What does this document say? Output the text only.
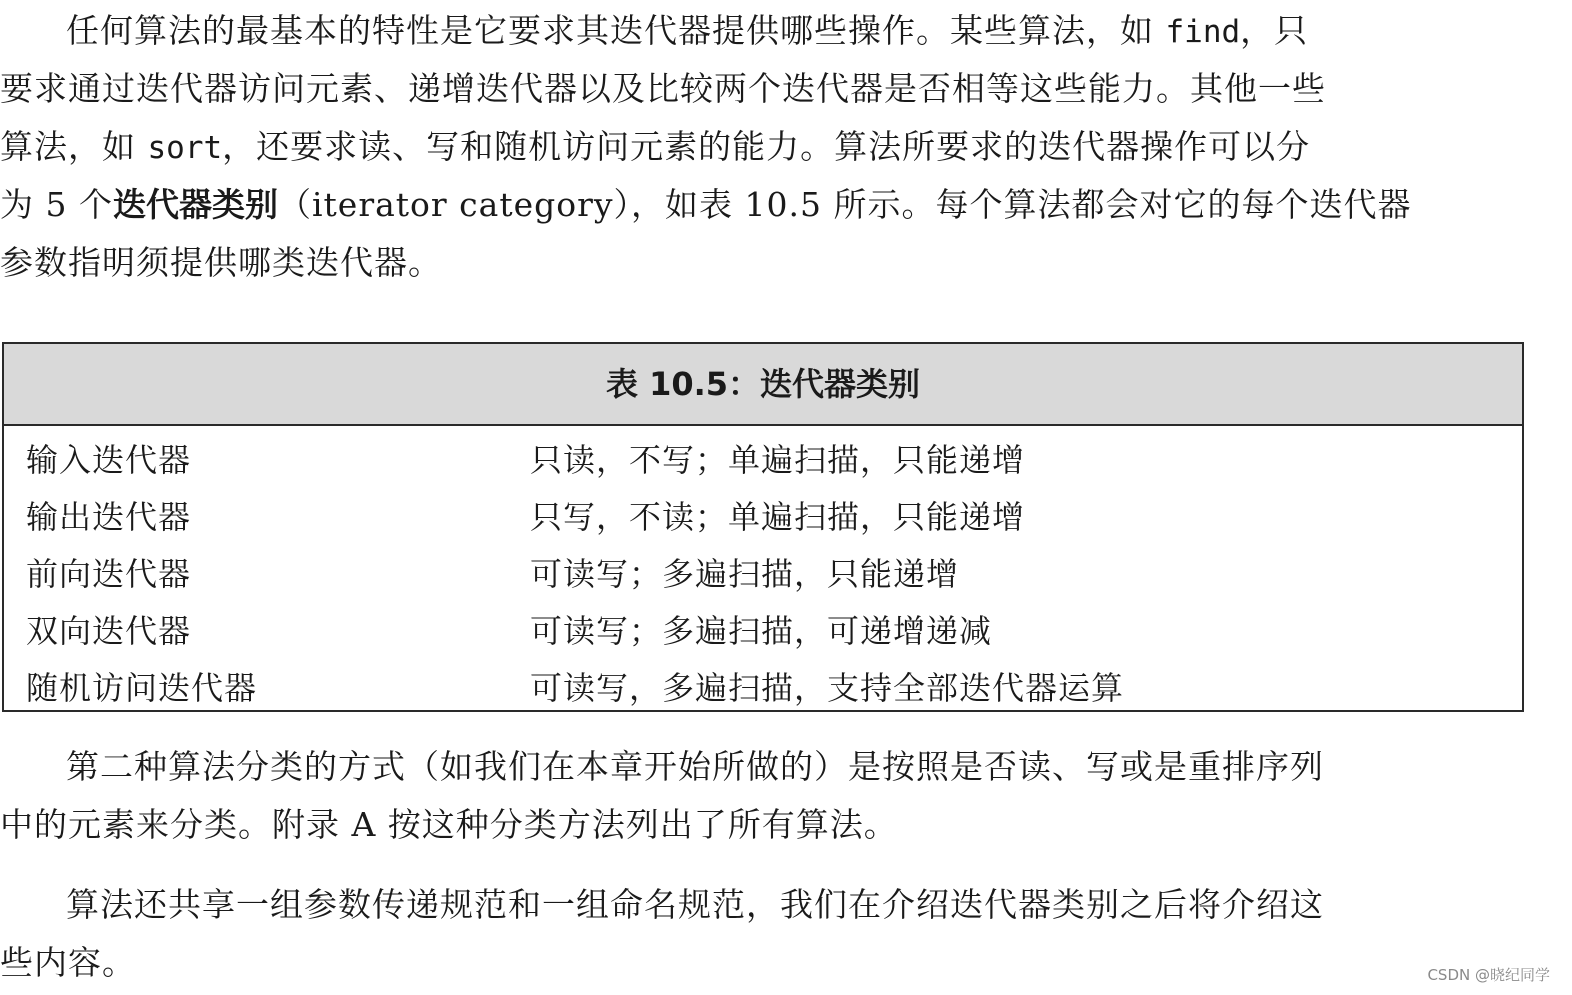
任何算法的最基本的特性是它要求其迭代器提供哪些操作。某些算法，如 find，只
要求通过迭代器访问元素、递增迭代器以及比较两个迭代器是否相等这些能力。其他一些
算法，如 sort，还要求读、写和随机访问元素的能力。算法所要求的迭代器操作可以分
为 5 个迭代器类别（iterator category），如表 10.5 所示。每个算法都会对它的每个迭代器
参数指明须提供哪类迭代器。
表 10.5：迭代器类别
输入迭代器	只读，不写；单遍扫描，只能递增
输出迭代器	只写，不读；单遍扫描，只能递增
前向迭代器	可读写；多遍扫描，只能递增
双向迭代器	可读写；多遍扫描，可递增递减
随机访问迭代器	可读写，多遍扫描，支持全部迭代器运算
第二种算法分类的方式（如我们在本章开始所做的）是按照是否读、写或是重排序列
中的元素来分类。附录 A 按这种分类方法列出了所有算法。
算法还共享一组参数传递规范和一组命名规范，我们在介绍迭代器类别之后将介绍这
些内容。	CSDN @晓纪同学
